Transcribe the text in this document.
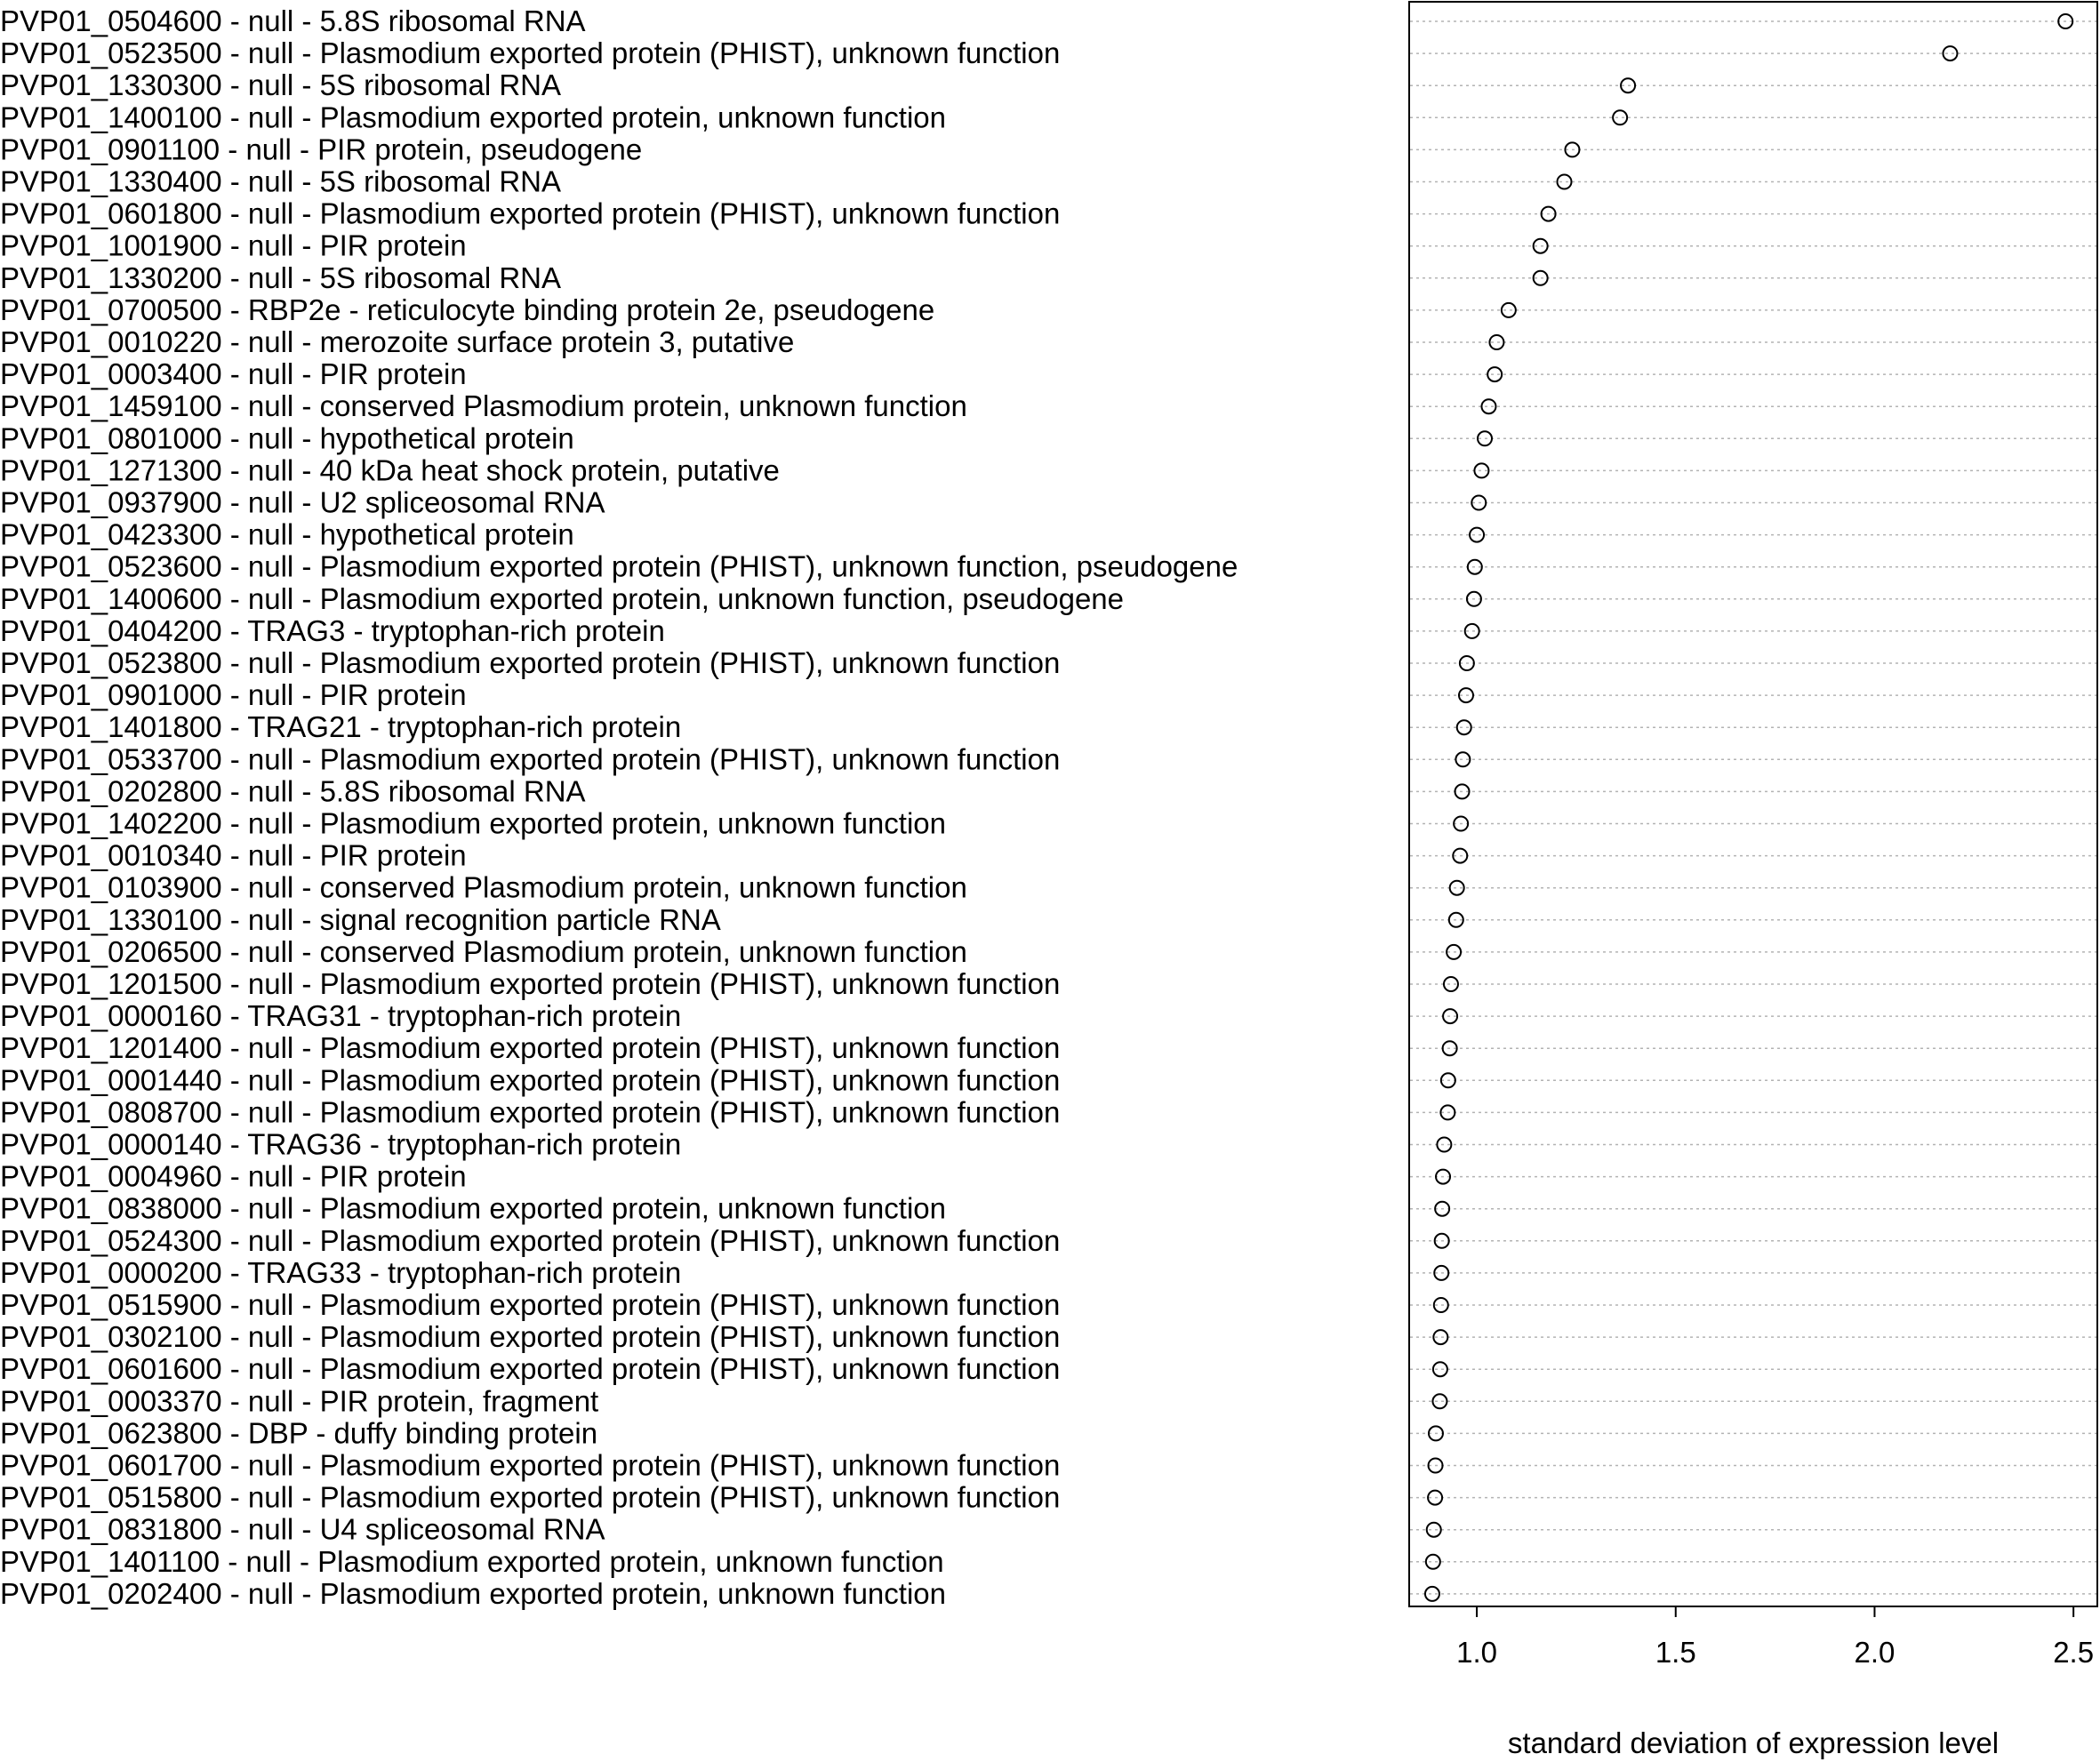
PVP01_0504600 - null - 5.8S ribosomal RNA
PVP01_0523500 - null - Plasmodium exported protein (PHIST), unknown function
PVP01_1330300 - null - 5S ribosomal RNA
PVP01_1400100 - null - Plasmodium exported protein, unknown function
PVP01_0901100 - null - PIR protein, pseudogene
PVP01_1330400 - null - 5S ribosomal RNA
PVP01_0601800 - null - Plasmodium exported protein (PHIST), unknown function
PVP01_1001900 - null - PIR protein
PVP01_1330200 - null - 5S ribosomal RNA
PVP01_0700500 - RBP2e - reticulocyte binding protein 2e, pseudogene
PVP01_0010220 - null - merozoite surface protein 3, putative
PVP01_0003400 - null - PIR protein
PVP01_1459100 - null - conserved Plasmodium protein, unknown function
PVP01_0801000 - null - hypothetical protein
PVP01_1271300 - null - 40 kDa heat shock protein, putative
PVP01_0937900 - null - U2 spliceosomal RNA
PVP01_0423300 - null - hypothetical protein
PVP01_0523600 - null - Plasmodium exported protein (PHIST), unknown function, pseudogene
PVP01_1400600 - null - Plasmodium exported protein, unknown function, pseudogene
PVP01_0404200 - TRAG3 - tryptophan-rich protein
PVP01_0523800 - null - Plasmodium exported protein (PHIST), unknown function
PVP01_0901000 - null - PIR protein
PVP01_1401800 - TRAG21 - tryptophan-rich protein
PVP01_0533700 - null - Plasmodium exported protein (PHIST), unknown function
PVP01_0202800 - null - 5.8S ribosomal RNA
PVP01_1402200 - null - Plasmodium exported protein, unknown function
PVP01_0010340 - null - PIR protein
PVP01_0103900 - null - conserved Plasmodium protein, unknown function
PVP01_1330100 - null - signal recognition particle RNA
PVP01_0206500 - null - conserved Plasmodium protein, unknown function
PVP01_1201500 - null - Plasmodium exported protein (PHIST), unknown function
PVP01_0000160 - TRAG31 - tryptophan-rich protein
PVP01_1201400 - null - Plasmodium exported protein (PHIST), unknown function
PVP01_0001440 - null - Plasmodium exported protein (PHIST), unknown function
PVP01_0808700 - null - Plasmodium exported protein (PHIST), unknown function
PVP01_0000140 - TRAG36 - tryptophan-rich protein
PVP01_0004960 - null - PIR protein
PVP01_0838000 - null - Plasmodium exported protein, unknown function
PVP01_0524300 - null - Plasmodium exported protein (PHIST), unknown function
PVP01_0000200 - TRAG33 - tryptophan-rich protein
PVP01_0515900 - null - Plasmodium exported protein (PHIST), unknown function
PVP01_0302100 - null - Plasmodium exported protein (PHIST), unknown function
PVP01_0601600 - null - Plasmodium exported protein (PHIST), unknown function
PVP01_0003370 - null - PIR protein, fragment
PVP01_0623800 - DBP - duffy binding protein
PVP01_0601700 - null - Plasmodium exported protein (PHIST), unknown function
PVP01_0515800 - null - Plasmodium exported protein (PHIST), unknown function
PVP01_0831800 - null - U4 spliceosomal RNA
PVP01_1401100 - null - Plasmodium exported protein, unknown function
PVP01_0202400 - null - Plasmodium exported protein, unknown function
1.0	1.5	2.0	2.5
standard deviation of expression level
